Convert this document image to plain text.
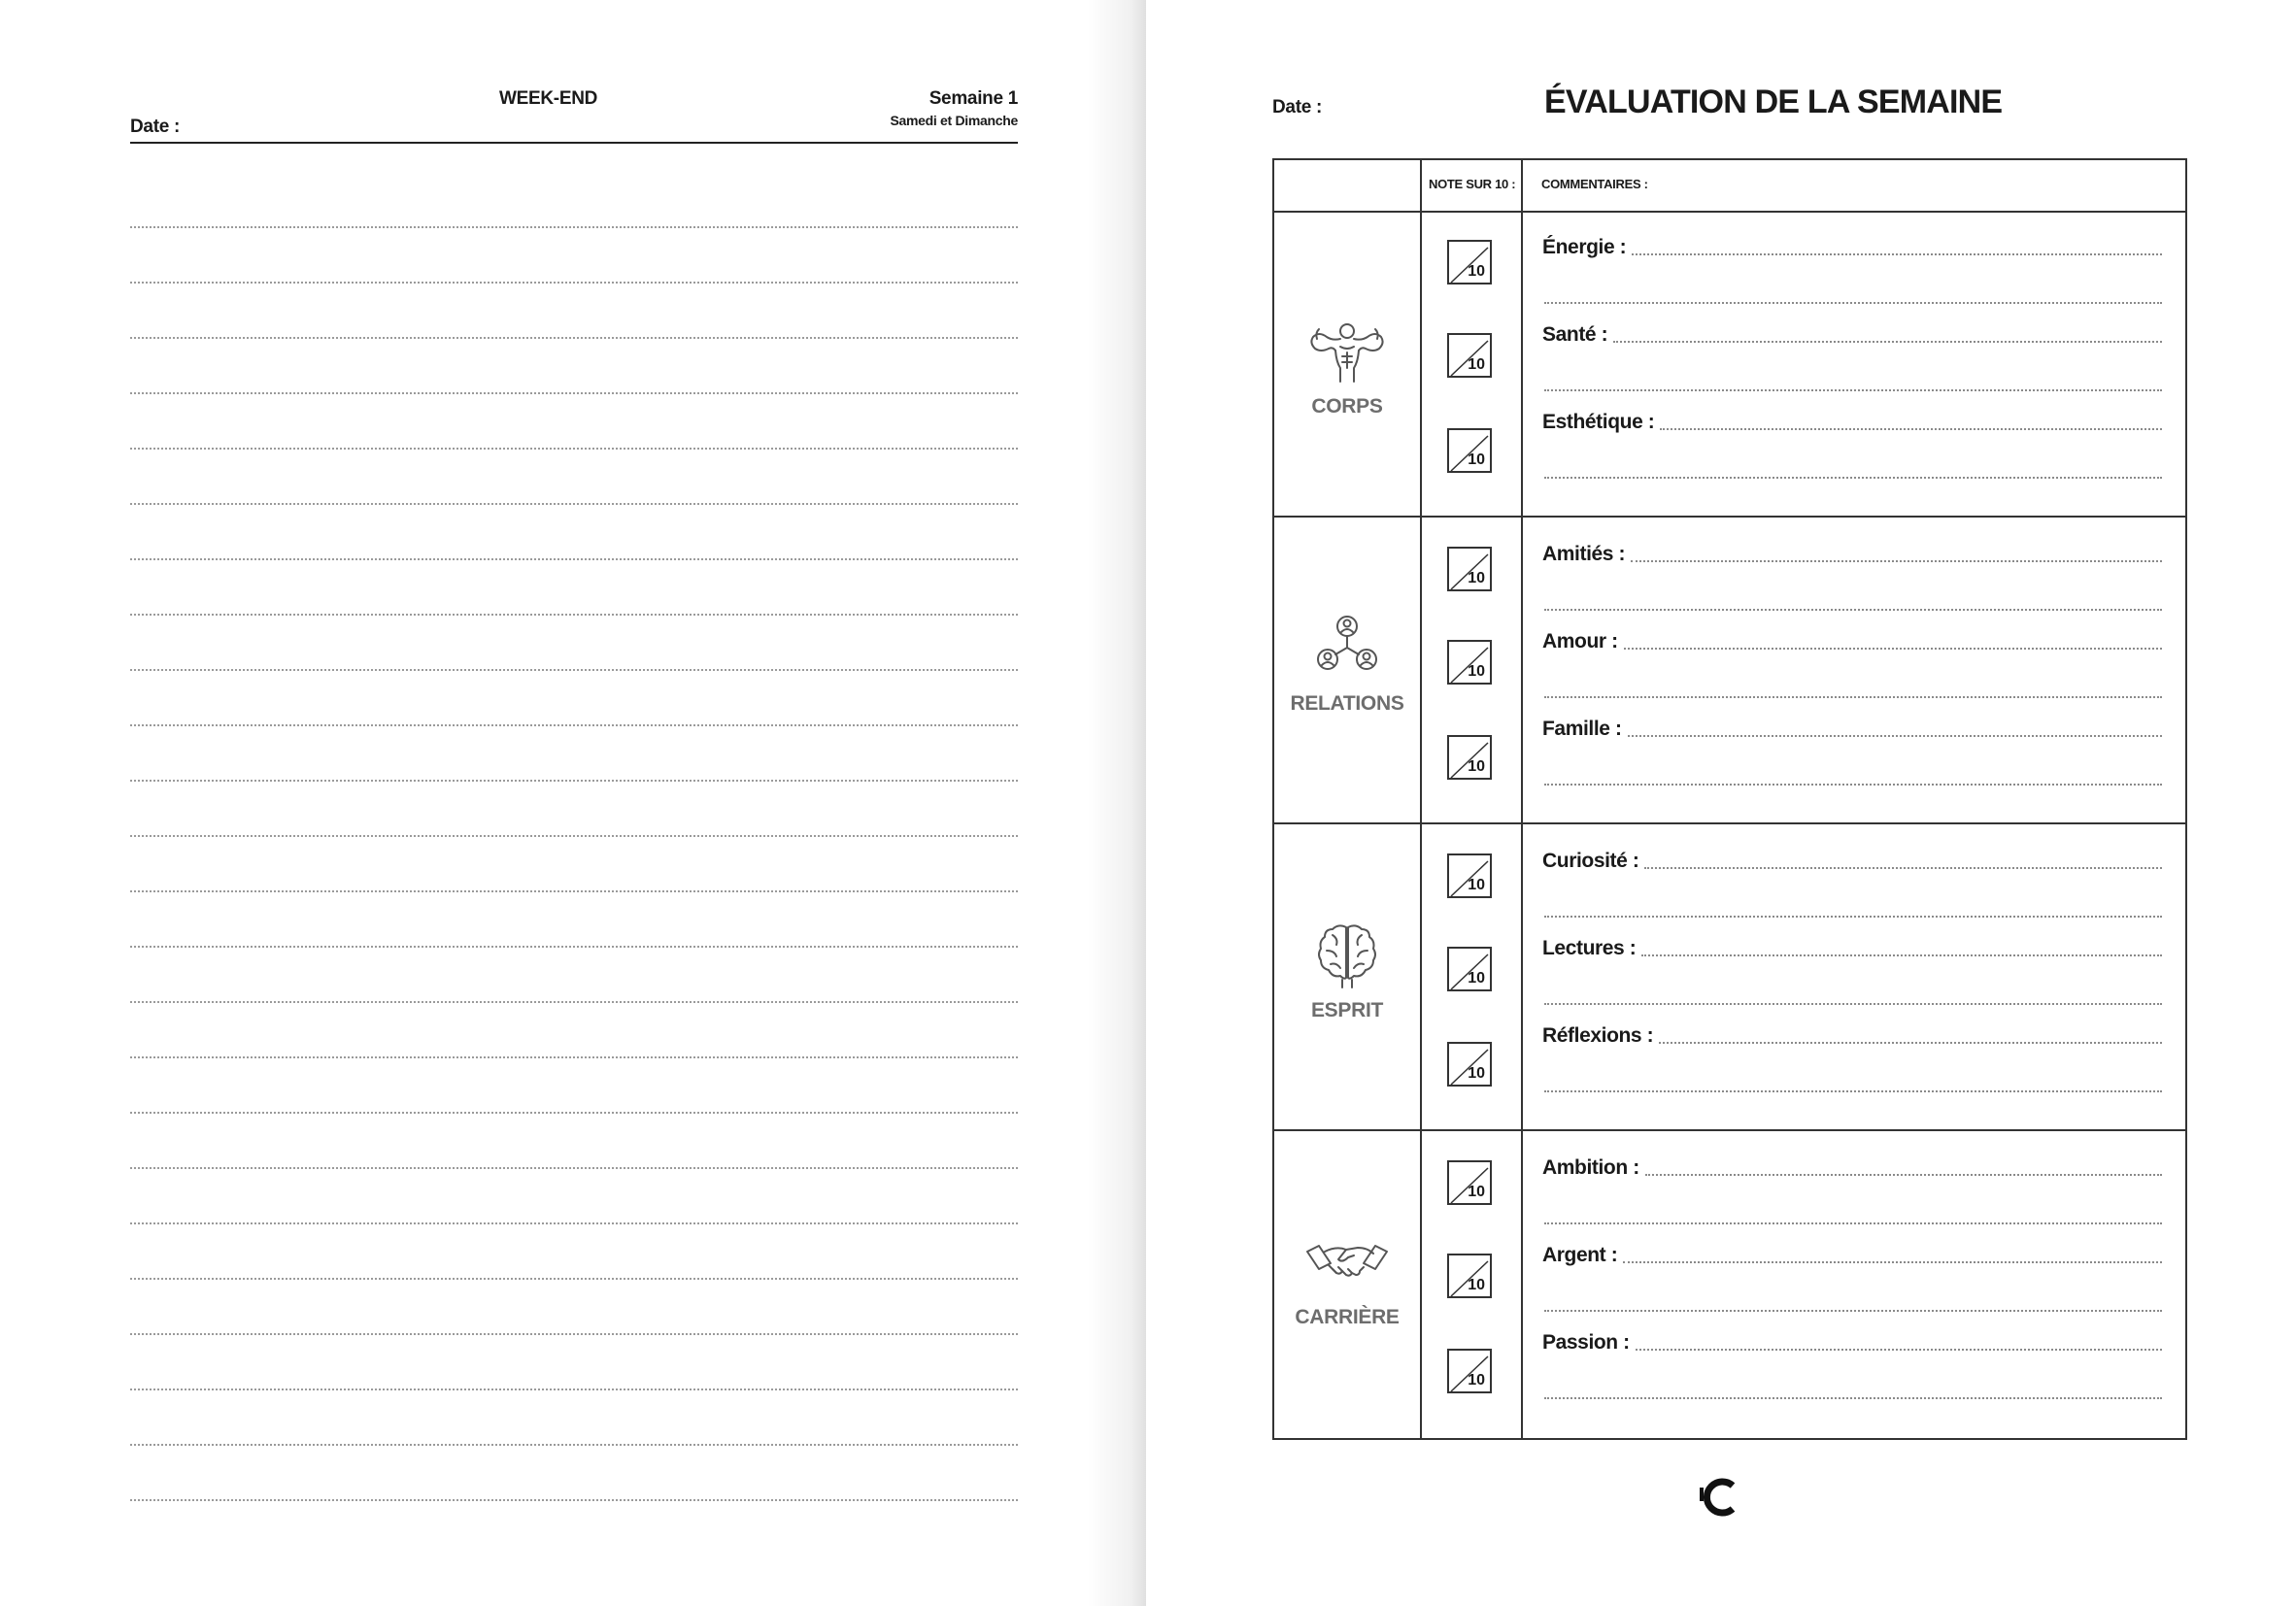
Date :
WEEK-END	Semaine 1
Samedi et Dimanche
Date :	ÉVALUATION DE LA SEMAINE
NOTE SUR 10 : COMMENTAIRES :
CORPS
10
Énergie :
10
Santé :
10
Esthétique :
RELATIONS
10
Amitiés :
10
Amour :
10
Famille :
ESPRIT
10
Curiosité :
10
Lectures :
10
Réflexions :
CARRIÈRE
10
Ambition :
10
Argent :
10
Passion :
